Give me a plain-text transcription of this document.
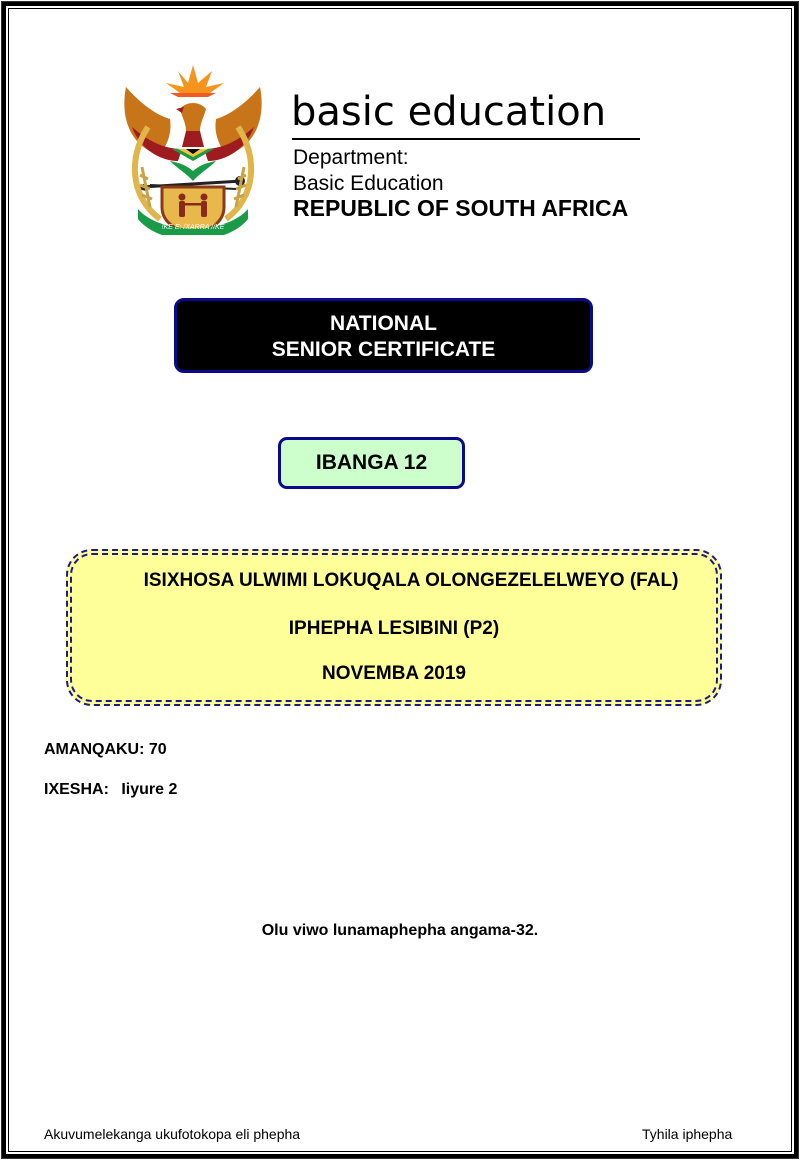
!KE E: /XARRA //KE
basic education
Department:
Basic Education
REPUBLIC OF SOUTH AFRICA
NATIONAL
SENIOR CERTIFICATE
IBANGA 12
ISIXHOSA ULWIMI LOKUQALA OLONGEZELELWEYO (FAL)
IPHEPHA LESIBINI (P2)
NOVEMBA 2019
AMANQAKU: 70
IXESHA: Iiyure 2
Olu viwo lunamaphepha angama-32.
Akuvumelekanga ukufotokopa eli phepha	Tyhila iphepha
